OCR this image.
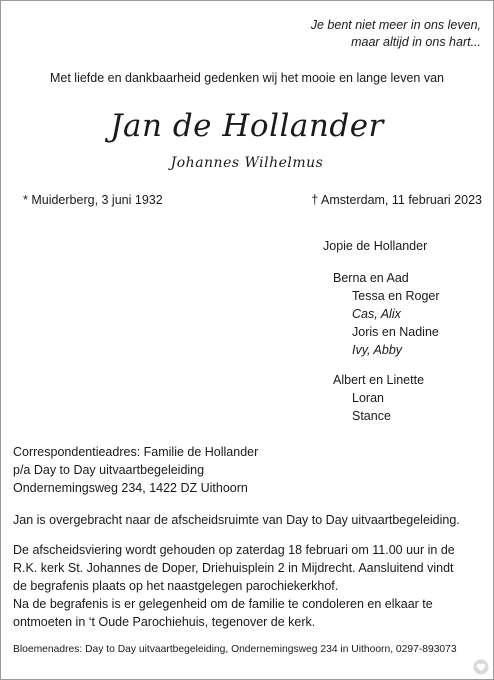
Je bent niet meer in ons leven,
maar altijd in ons hart...
Met liefde en dankbaarheid gedenken wij het mooie en lange leven van
Jan de Hollander
Johannes Wilhelmus
* Muiderberg, 3 juni 1932	† Amsterdam, 11 februari 2023
Jopie de Hollander
Berna en Aad
Tessa en Roger
Cas, Alix
Joris en Nadine
Ivy, Abby
Albert en Linette
Loran
Stance
Correspondentieadres: Familie de Hollander
p/a Day to Day uitvaartbegeleiding
Ondernemingsweg 234, 1422 DZ Uithoorn
Jan is overgebracht naar de afscheidsruimte van Day to Day uitvaartbegeleiding.
De afscheidsviering wordt gehouden op zaterdag 18 februari om 11.00 uur in de
R.K. kerk St. Johannes de Doper, Driehuisplein 2 in Mijdrecht. Aansluitend vindt
de begrafenis plaats op het naastgelegen parochiekerkhof.
Na de begrafenis is er gelegenheid om de familie te condoleren en elkaar te
ontmoeten in ‘t Oude Parochiehuis, tegenover de kerk.
Bloemenadres: Day to Day uitvaartbegeleiding, Ondernemingsweg 234 in Uithoorn, 0297-893073
